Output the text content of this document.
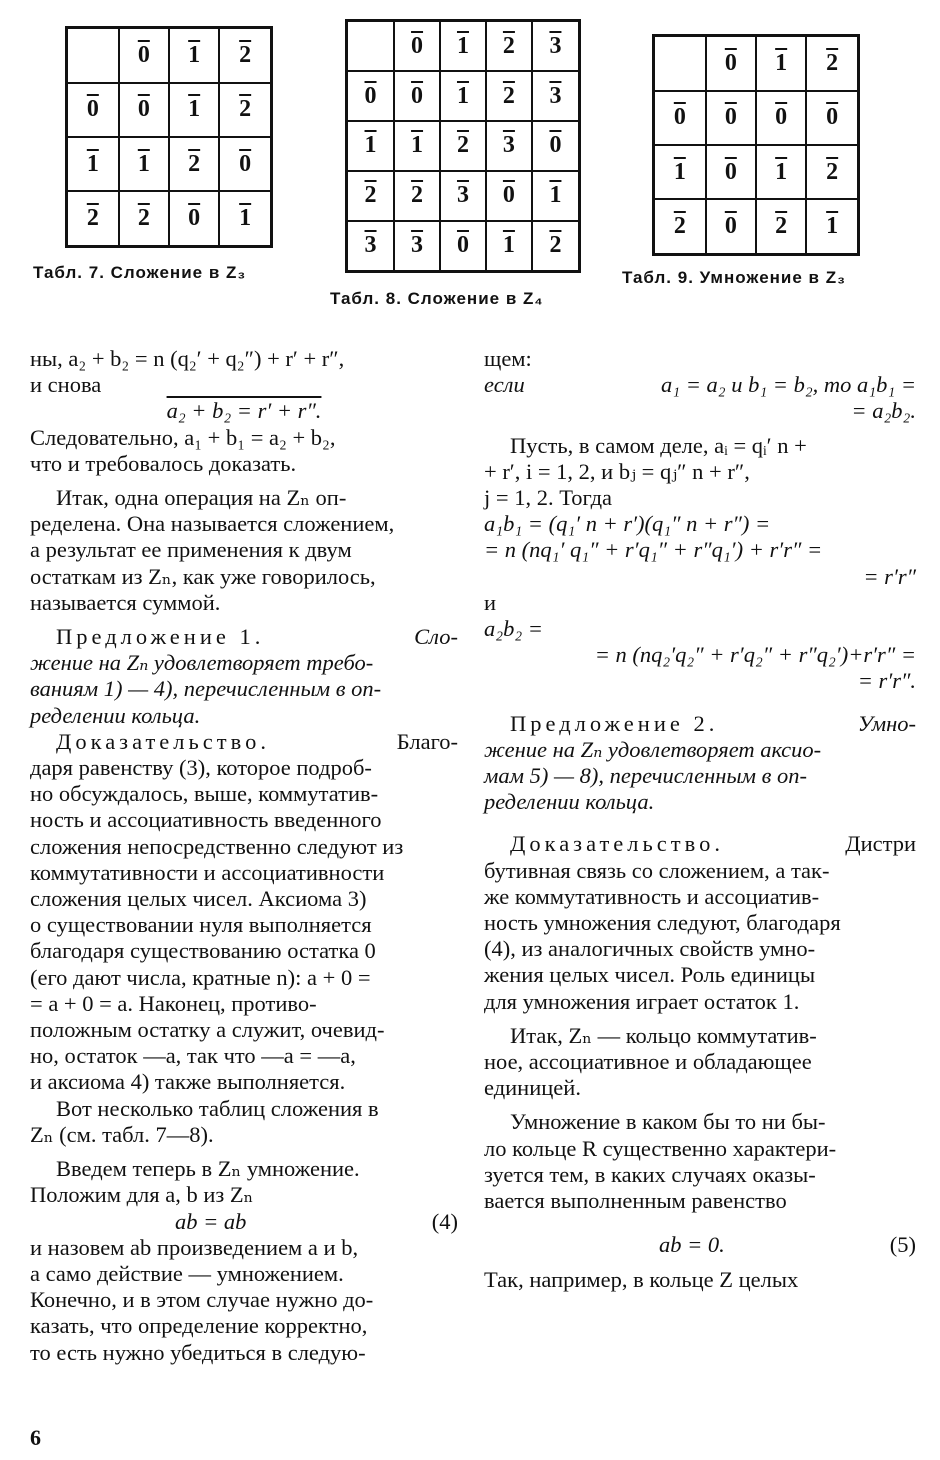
	0	1	2
0	0	1	2
1	1	2	0
2	2	0	1
Табл. 7. Сложение в Z₃
	0	1	2	3
0	0	1	2	3
1	1	2	3	0
2	2	3	0	1
3	3	0	1	2
Табл. 8. Сложение в Z₄
	0	1	2
0	0	0	0
1	0	1	2
2	0	2	1
Табл. 9. Умножение в Z₃

ны, a₂ + b₂ = n (q₂′ + q₂″) + r′ + r″,

и снова

a₂ + b₂ = r′ + r″.

Следовательно, a₁ + b₁ = a₂ + b₂,

что и требовалось доказать.

Итак, одна операция на Zₙ оп-

ределена. Она называется сложением,

а результат ее применения к двум

остаткам из Zₙ, как уже говорилось,

называется суммой.

Предложение 1.	Сло-

жение на Zₙ удовлетворяет требо-

ваниям 1) — 4), перечисленным в оп-

ределении кольца.

Доказательство.	Благо-

даря равенству (3), которое подроб-

но обсуждалось, выше, коммутатив-

ность и ассоциативность введенного

сложения непосредственно следуют из

коммутативности и ассоциативности

сложения целых чисел. Аксиома 3)

о существовании нуля выполняется

благодаря существованию остатка 0

(его дают числа, кратные n): a + 0 =

= a + 0 = a. Наконец, противо-

положным остатку a служит, очевид-

но, остаток —a, так что —a = —a,

и аксиома 4) также выполняется.

Вот несколько таблиц сложения в

Zₙ (см. табл. 7—8).

Введем теперь в Zₙ умножение.

Положим для a, b из Zₙ

ab = ab	(4)

и назовем ab произведением a и b,

а само действие — умножением.

Конечно, и в этом случае нужно до-

казать, что определение корректно,

то есть нужно убедиться в следую-

щем:

если	a₁ = a₂ и b₁ = b₂, то a₁b₁ =

= a₂b₂.

Пусть, в самом деле, aᵢ = qᵢ′ n +

+ r′, i = 1, 2, и bⱼ = qⱼ″ n + r″,

j = 1, 2. Тогда

a₁b₁ = (q₁′ n + r′)(q₁″ n + r″) =

= n (nq₁′ q₁″ + r′q₁″ + r″q₁′) + r′r″ =

= r′r″

и

a₂b₂ =

= n (nq₂′q₂″ + r′q₂″ + r″q₂′)+r′r″ =

= r′r″.

Предложение 2.	Умно-

жение на Zₙ удовлетворяет аксио-

мам 5) — 8), перечисленным в оп-

ределении кольца.

Доказательство.	Дистри

бутивная связь со сложением, а так-

же коммутативность и ассоциатив-

ность умножения следуют, благодаря

(4), из аналогичных свойств умно-

жения целых чисел. Роль единицы

для умножения играет остаток 1.

Итак, Zₙ — кольцо коммутатив-

ное, ассоциативное и обладающее

единицей.

Умножение в каком бы то ни бы-

ло кольце R существенно характери-

зуется тем, в каких случаях оказы-

вается выполненным равенство

ab = 0.	(5)

Так, например, в кольце Z целых

6
